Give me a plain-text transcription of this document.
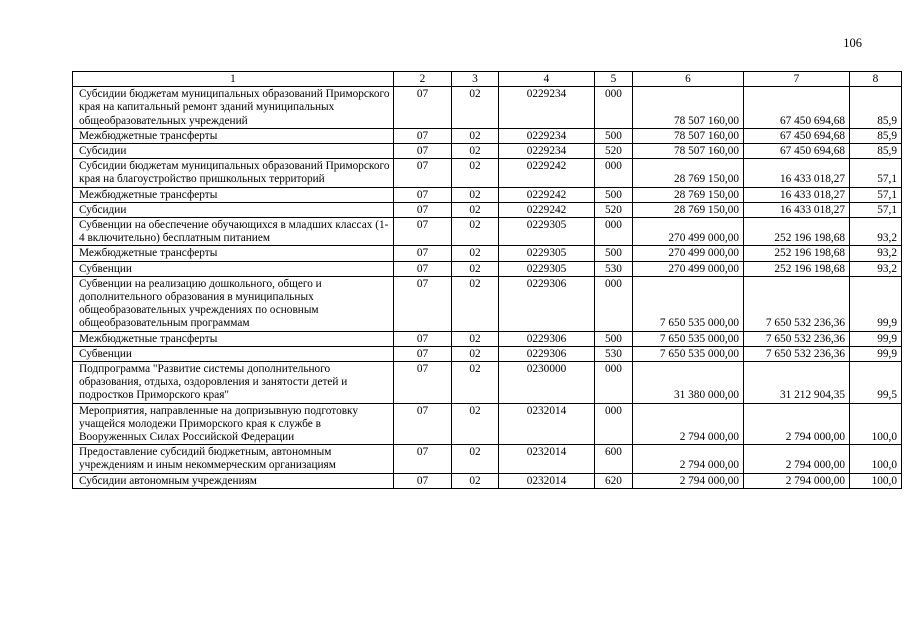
106
1	2	3	4	5	6	7	8
Субсидии бюджетам муниципальных образований Приморского края на капитальный ремонт зданий муниципальных общеобразовательных учреждений	07	02	0229234	000	78 507 160,00	67 450 694,68	85,9
Межбюджетные трансферты	07	02	0229234	500	78 507 160,00	67 450 694,68	85,9
Субсидии	07	02	0229234	520	78 507 160,00	67 450 694,68	85,9
Субсидии бюджетам муниципальных образований Приморского края на благоустройство пришкольных территорий	07	02	0229242	000	28 769 150,00	16 433 018,27	57,1
Межбюджетные трансферты	07	02	0229242	500	28 769 150,00	16 433 018,27	57,1
Субсидии	07	02	0229242	520	28 769 150,00	16 433 018,27	57,1
Субвенции на обеспечение обучающихся в младших классах (1-4 включительно) бесплатным питанием	07	02	0229305	000	270 499 000,00	252 196 198,68	93,2
Межбюджетные трансферты	07	02	0229305	500	270 499 000,00	252 196 198,68	93,2
Субвенции	07	02	0229305	530	270 499 000,00	252 196 198,68	93,2
Субвенции на реализацию дошкольного, общего и дополнительного образования в муниципальных общеобразовательных учреждениях по основным общеобразовательным программам	07	02	0229306	000	7 650 535 000,00	7 650 532 236,36	99,9
Межбюджетные трансферты	07	02	0229306	500	7 650 535 000,00	7 650 532 236,36	99,9
Субвенции	07	02	0229306	530	7 650 535 000,00	7 650 532 236,36	99,9
Подпрограмма "Развитие системы дополнительного образования, отдыха, оздоровления и занятости детей и подростков Приморского края"	07	02	0230000	000	31 380 000,00	31 212 904,35	99,5
Мероприятия, направленные на допризывную подготовку учащейся молодежи Приморского края к службе в Вооруженных Силах Российской Федерации	07	02	0232014	000	2 794 000,00	2 794 000,00	100,0
Предоставление субсидий бюджетным, автономным учреждениям и иным некоммерческим организациям	07	02	0232014	600	2 794 000,00	2 794 000,00	100,0
Субсидии автономным учреждениям	07	02	0232014	620	2 794 000,00	2 794 000,00	100,0
